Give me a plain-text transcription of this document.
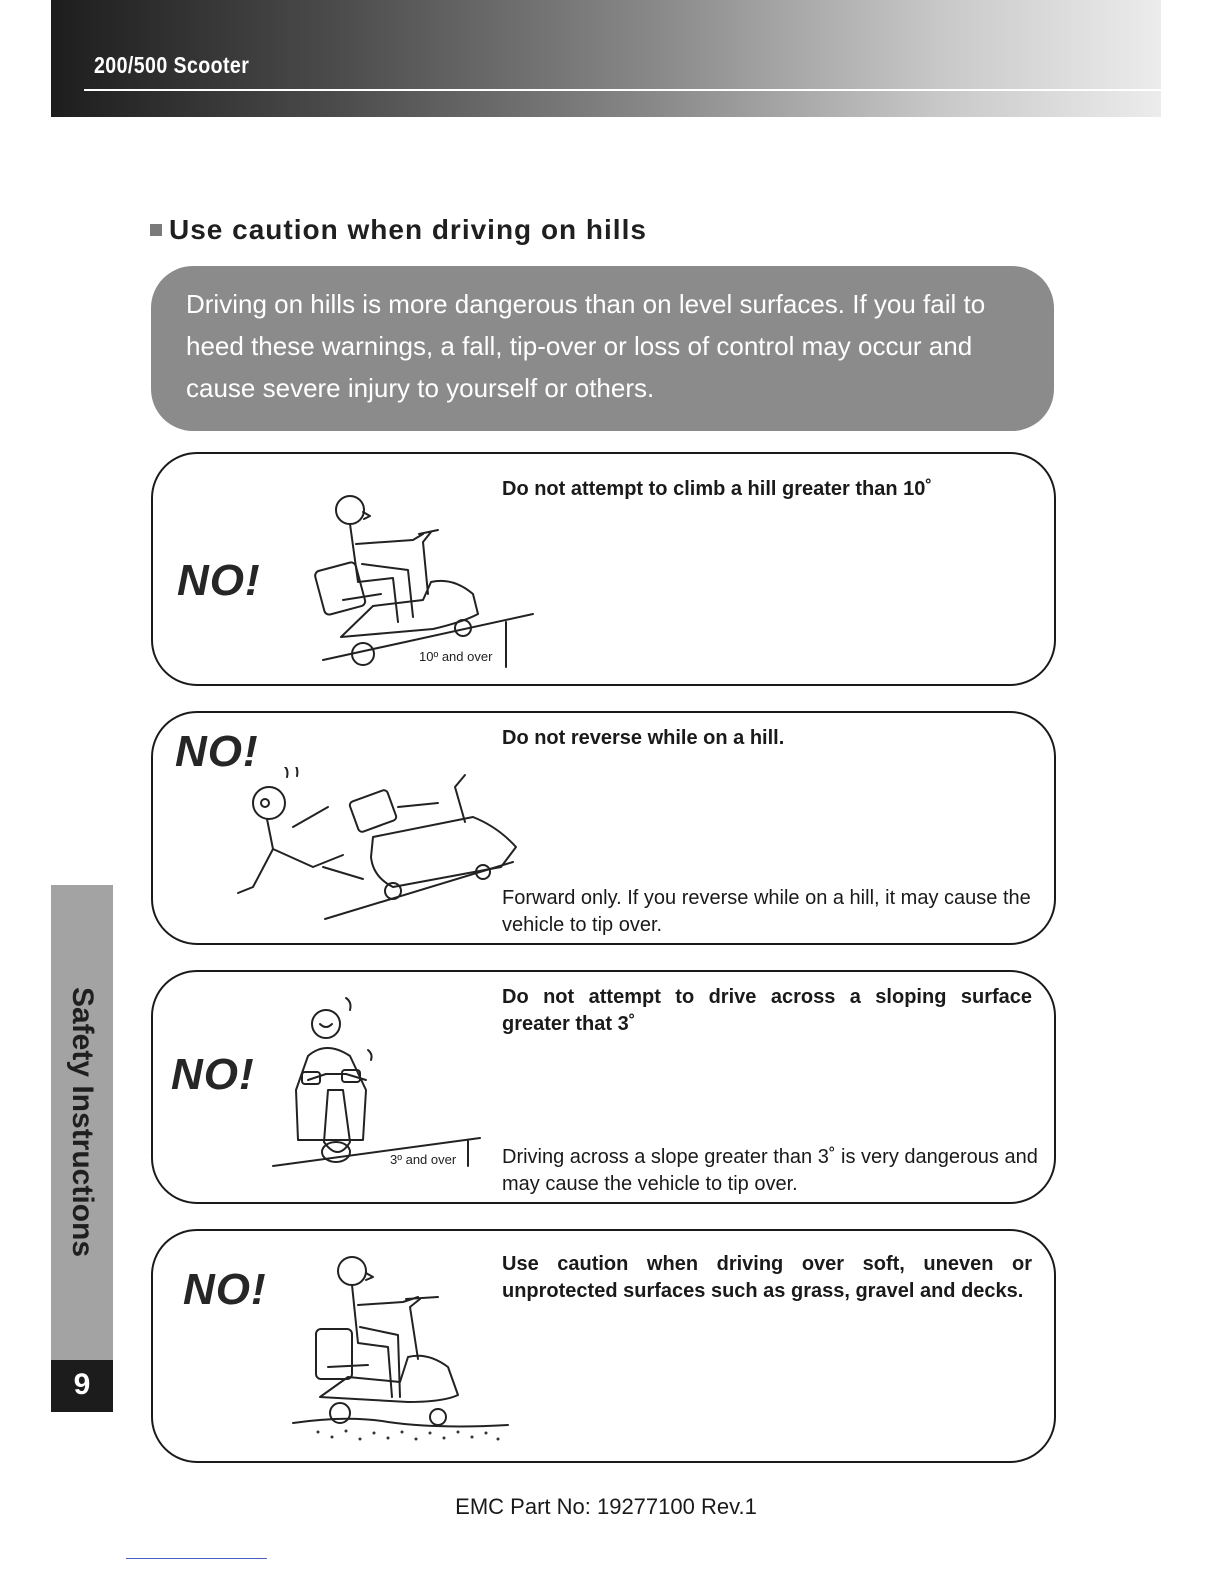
200/500 Scooter
Use caution when driving on hills
Driving on hills is more dangerous than on level surfaces. If you fail to heed these warnings, a fall, tip-over or loss of control may occur and cause severe injury to yourself or others.
NO!
Do not attempt to climb a hill greater than 10˚
10º and over
NO!	Do not reverse while on a hill.
Forward only. If you reverse while on a hill, it may cause the vehicle to tip over.
NO!
Do not attempt to drive across a sloping surface greater that 3˚
Driving across a slope greater than 3˚ is very dangerous and may cause the vehicle to tip over.
3º and over
NO!
Use caution when driving over soft, uneven or unprotected surfaces such as grass, gravel and decks.
Safety Instructions
9
EMC Part No: 19277100 Rev.1
